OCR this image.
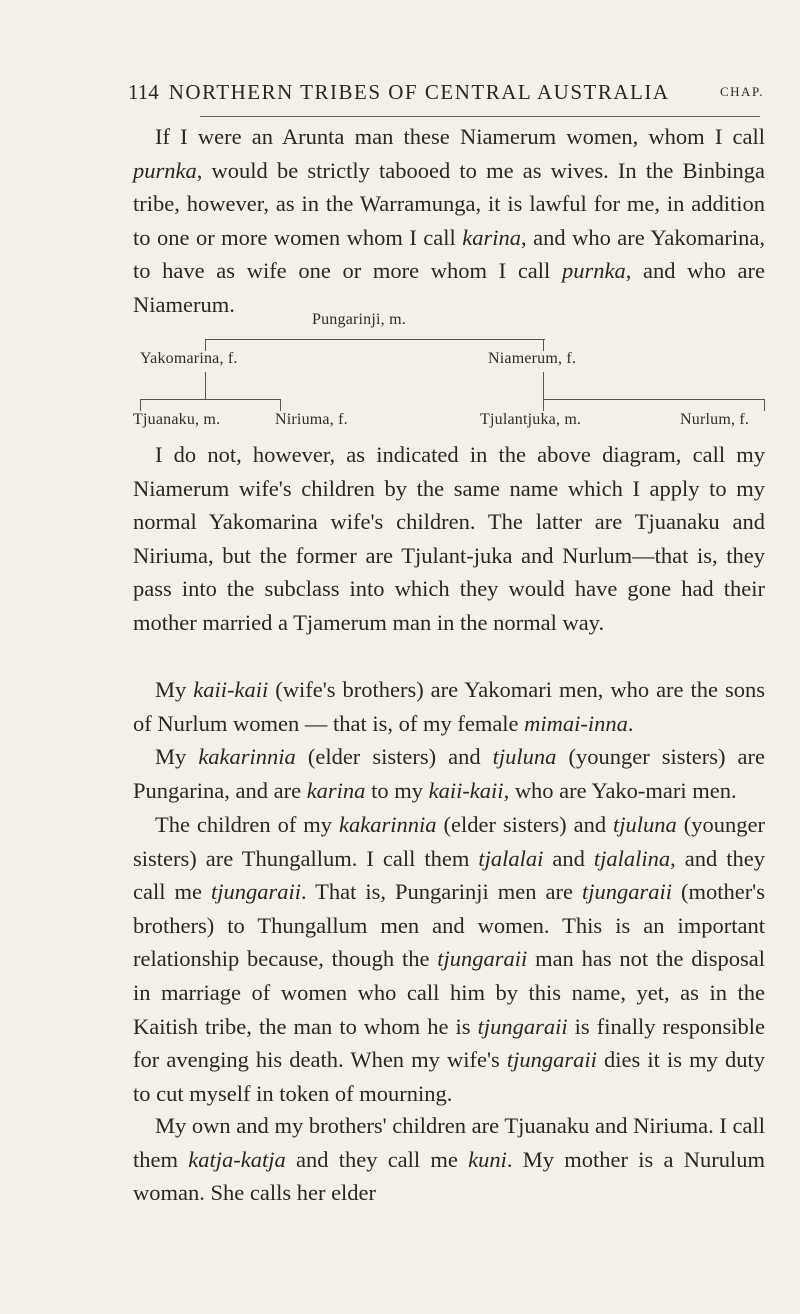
114 NORTHERN TRIBES OF CENTRAL AUSTRALIA	CHAP.

If I were an Arunta man these Niamerum women, whom I call purnka, would be strictly tabooed to me as wives. In the Binbinga tribe, however, as in the Warramunga, it is lawful for me, in addition to one or more women whom I call karina, and who are Yakomarina, to have as wife one or more whom I call purnka, and who are Niamerum.

Pungarinji, m.
Yakomarina, f.	Niamerum, f.
Tjuanaku, m.	Niriuma, f.	Tjulantjuka, m.	Nurlum, f.

I do not, however, as indicated in the above diagram, call my Niamerum wife's children by the same name which I apply to my normal Yakomarina wife's children. The latter are Tjuanaku and Niriuma, but the former are Tjulant-juka and Nurlum—that is, they pass into the subclass into which they would have gone had their mother married a Tjamerum man in the normal way.

My kaii-kaii (wife's brothers) are Yakomari men, who are the sons of Nurlum women — that is, of my female mimai-inna.

My kakarinnia (elder sisters) and tjuluna (younger sisters) are Pungarina, and are karina to my kaii-kaii, who are Yako-mari men.

The children of my kakarinnia (elder sisters) and tjuluna (younger sisters) are Thungallum. I call them tjalalai and tjalalina, and they call me tjungaraii. That is, Pungarinji men are tjungaraii (mother's brothers) to Thungallum men and women. This is an important relationship because, though the tjungaraii man has not the disposal in marriage of women who call him by this name, yet, as in the Kaitish tribe, the man to whom he is tjungaraii is finally responsible for avenging his death. When my wife's tjungaraii dies it is my duty to cut myself in token of mourning.

My own and my brothers' children are Tjuanaku and Niriuma. I call them katja-katja and they call me kuni. My mother is a Nurulum woman. She calls her elder
